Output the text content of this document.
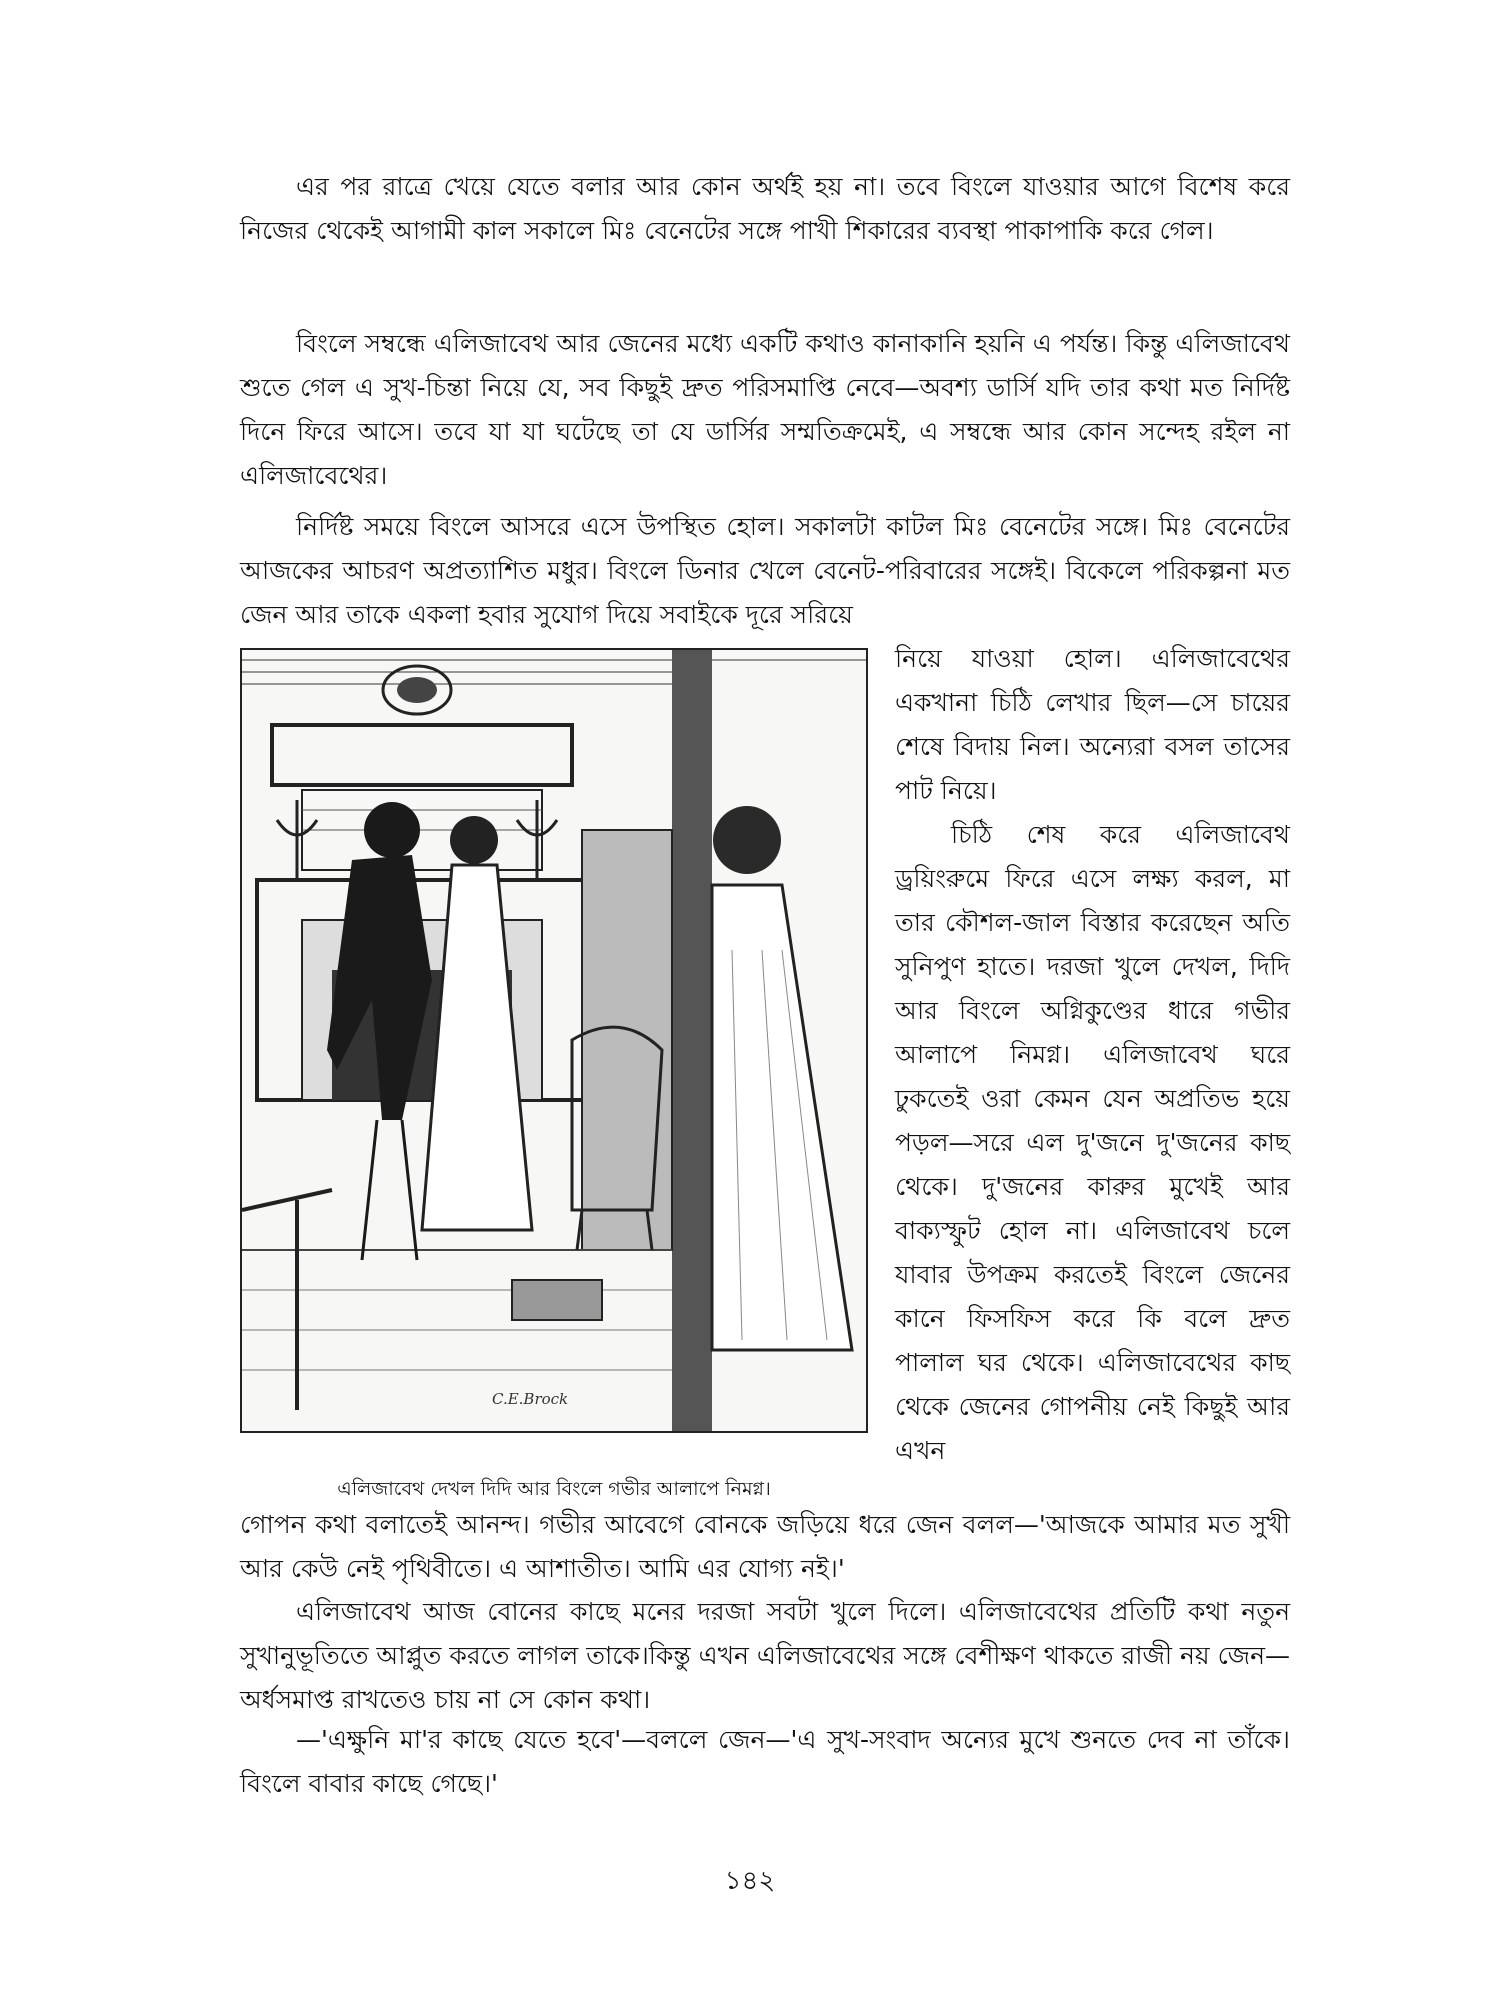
এর পর রাত্রে খেয়ে যেতে বলার আর কোন অর্থই হয় না। তবে বিংলে যাওয়ার আগে বিশেষ করে নিজের থেকেই আগামী কাল সকালে মিঃ বেনেটের সঙ্গে পাখী শিকারের ব্যবস্থা পাকাপাকি করে গেল।

বিংলে সম্বন্ধে এলিজাবেথ আর জেনের মধ্যে একটি কথাও কানাকানি হয়নি এ পর্যন্ত। কিন্তু এলিজাবেথ শুতে গেল এ সুখ-চিন্তা নিয়ে যে, সব কিছুই দ্রুত পরিসমাপ্তি নেবে—অবশ্য ডার্সি যদি তার কথা মত নির্দিষ্ট দিনে ফিরে আসে। তবে যা যা ঘটেছে তা যে ডার্সির সম্মতিক্রমেই, এ সম্বন্ধে আর কোন সন্দেহ রইল না এলিজাবেথের।

নির্দিষ্ট সময়ে বিংলে আসরে এসে উপস্থিত হোল। সকালটা কাটল মিঃ বেনেটের সঙ্গে। মিঃ বেনেটের আজকের আচরণ অপ্রত্যাশিত মধুর। বিংলে ডিনার খেলে বেনেট-পরিবারের সঙ্গেই। বিকেলে পরিকল্পনা মত জেন আর তাকে একলা হবার সুযোগ দিয়ে সবাইকে দূরে সরিয়ে

C.E.Brock
এলিজাবেথ দেখল দিদি আর বিংলে গভীর আলাপে নিমগ্ন।

নিয়ে যাওয়া হোল। এলিজাবেথের একখানা চিঠি লেখার ছিল—সে চায়ের শেষে বিদায় নিল। অন্যেরা বসল তাসের পাট নিয়ে।

চিঠি শেষ করে এলিজাবেথ ড্রয়িংরুমে ফিরে এসে লক্ষ্য করল, মা তার কৌশল-জাল বিস্তার করেছেন অতি সুনিপুণ হাতে। দরজা খুলে দেখল, দিদি আর বিংলে অগ্নিকুণ্ডের ধারে গভীর আলাপে নিমগ্ন। এলিজাবেথ ঘরে ঢুকতেই ওরা কেমন যেন অপ্রতিভ হয়ে পড়ল—সরে এল দু'জনে দু'জনের কাছ থেকে। দু'জনের কারুর মুখেই আর বাক্যস্ফুট হোল না। এলিজাবেথ চলে যাবার উপক্রম করতেই বিংলে জেনের কানে ফিসফিস করে কি বলে দ্রুত পালাল ঘর থেকে। এলিজাবেথের কাছ থেকে জেনের গোপনীয় নেই কিছুই আর এখন

গোপন কথা বলাতেই আনন্দ। গভীর আবেগে বোনকে জড়িয়ে ধরে জেন বলল—'আজকে আমার মত সুখী আর কেউ নেই পৃথিবীতে। এ আশাতীত। আমি এর যোগ্য নই।'

এলিজাবেথ আজ বোনের কাছে মনের দরজা সবটা খুলে দিলে। এলিজাবেথের প্রতিটি কথা নতুন সুখানুভূতিতে আপ্লুত করতে লাগল তাকে।কিন্তু এখন এলিজাবেথের সঙ্গে বেশীক্ষণ থাকতে রাজী নয় জেন—অর্ধসমাপ্ত রাখতেও চায় না সে কোন কথা।

—'এক্ষুনি মা'র কাছে যেতে হবে'—বললে জেন—'এ সুখ-সংবাদ অন্যের মুখে শুনতে দেব না তাঁকে। বিংলে বাবার কাছে গেছে।'

১৪২
